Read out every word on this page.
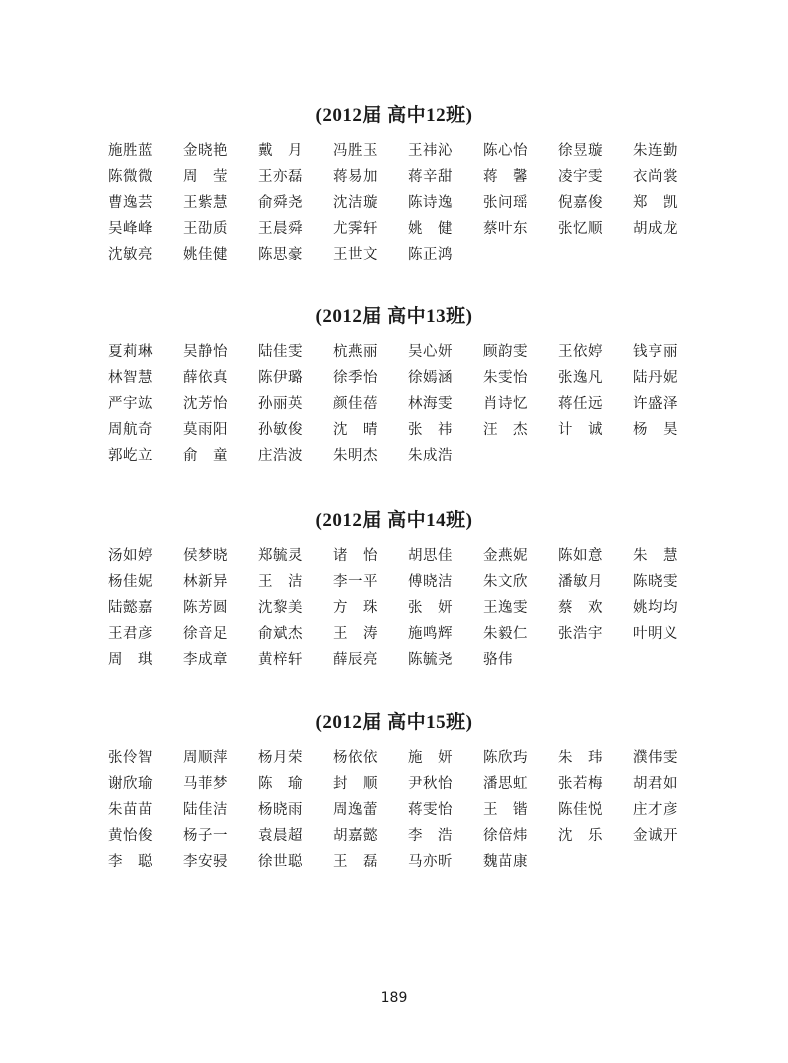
(2012届 高中12班)
施胜蓝	金晓艳	戴　月	冯胜玉	王祎沁	陈心怡	徐昱璇	朱连勤
陈微微	周　莹	王亦磊	蒋易加	蒋辛甜	蒋　馨	凌宇雯	衣尚裳
曹逸芸	王紫慧	俞舜尧	沈洁璇	陈诗逸	张问瑶	倪嘉俊	郑　凯
吴峰峰	王劭质	王晨舜	尤霁轩	姚　健	蔡叶东	张忆顺	胡成龙
沈敏亮	姚佳健	陈思豪	王世文	陈正鸿
(2012届 高中13班)
夏莉琳	吴静怡	陆佳雯	杭燕丽	吴心妍	顾韵雯	王依婷	钱亨丽
林智慧	薛依真	陈伊璐	徐季怡	徐嫣涵	朱雯怡	张逸凡	陆丹妮
严宇竑	沈芳怡	孙丽英	颜佳蓓	林海雯	肖诗忆	蒋任远	许盛泽
周航奇	莫雨阳	孙敏俊	沈　晴	张　祎	汪　杰	计　诚	杨　昊
郭屹立	俞　童	庄浩波	朱明杰	朱成浩
(2012届 高中14班)
汤如婷	侯梦晓	郑毓灵	诸　怡	胡思佳	金燕妮	陈如意	朱　慧
杨佳妮	林新异	王　洁	李一平	傅晓洁	朱文欣	潘敏月	陈晓雯
陆懿嘉	陈芳圆	沈黎美	方　珠	张　妍	王逸雯	蔡　欢	姚均均
王君彦	徐音足	俞斌杰	王　涛	施鸣辉	朱毅仁	张浩宇	叶明义
周　琪	李成章	黄梓轩	薛辰亮	陈毓尧	骆伟
(2012届 高中15班)
张伶智	周顺萍	杨月荣	杨依依	施　妍	陈欣玙	朱　玮	濮伟雯
谢欣瑜	马菲梦	陈　瑜	封　顺	尹秋怡	潘思虹	张若梅	胡君如
朱苗苗	陆佳洁	杨晓雨	周逸蕾	蒋雯怡	王　锴	陈佳悦	庄才彦
黄怡俊	杨子一	袁晨超	胡嘉懿	李　浩	徐倍炜	沈　乐	金诚开
李　聪	李安骎	徐世聪	王　磊	马亦昕	魏苗康
189
